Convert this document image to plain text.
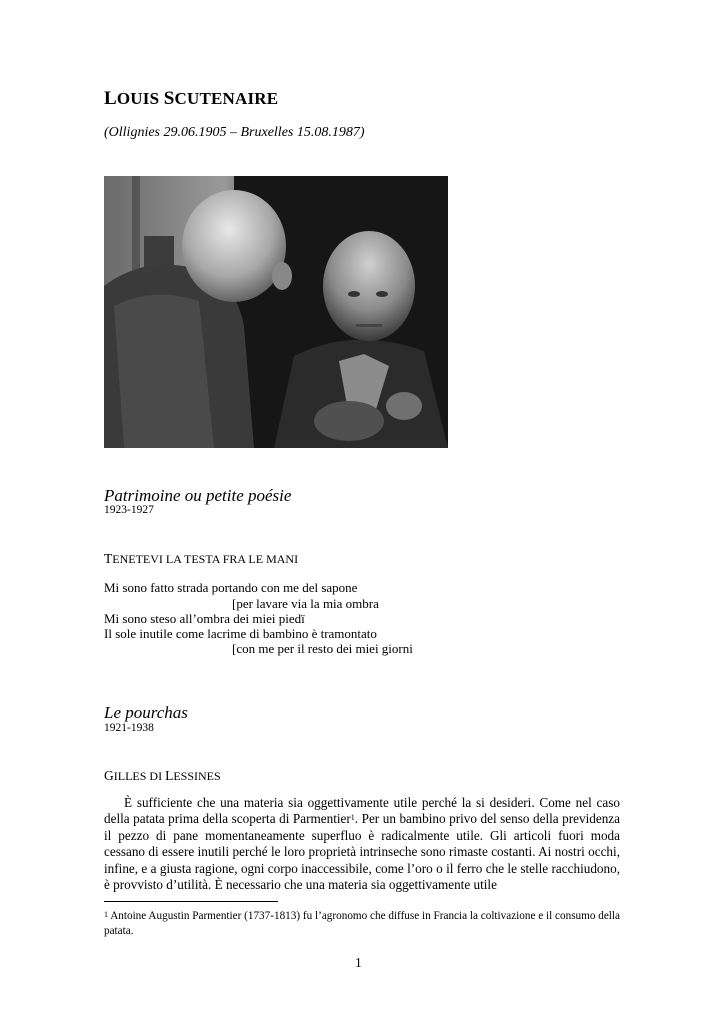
LOUIS SCUTENAIRE
(Ollignies 29.06.1905 – Bruxelles 15.08.1987)
Patrimoine ou petite poésie
1923-1927
TENETEVI LA TESTA FRA LE MANI
Mi sono fatto strada portando con me del sapone
[per lavare via la mia ombra
Mi sono steso all’ombra dei miei piedï
Il sole inutile come lacrime di bambino è tramontato
[con me per il resto dei miei giorni
Le pourchas
1921-1938
GILLES DI LESSINES

È sufficiente che una materia sia oggettivamente utile perché la si desideri. Come nel caso della patata prima della scoperta di Parmentier$^1$. Per un bambino privo del senso della previdenza il pezzo di pane momentaneamente superfluo è radicalmente utile. Gli articoli fuori moda cessano di essere inutili perché le loro proprietà intrinseche sono rimaste costanti. Ai nostri occhi, infine, e a giusta ragione, ogni corpo inaccessibile, come l’oro o il ferro che le stelle racchiudono, è provvisto d’utilità. È necessario che una materia sia oggettivamente utile

$^1$ Antoine Augustin Parmentier (1737-1813) fu l’agronomo che diffuse in Francia la coltivazione e il consumo della patata.
1
